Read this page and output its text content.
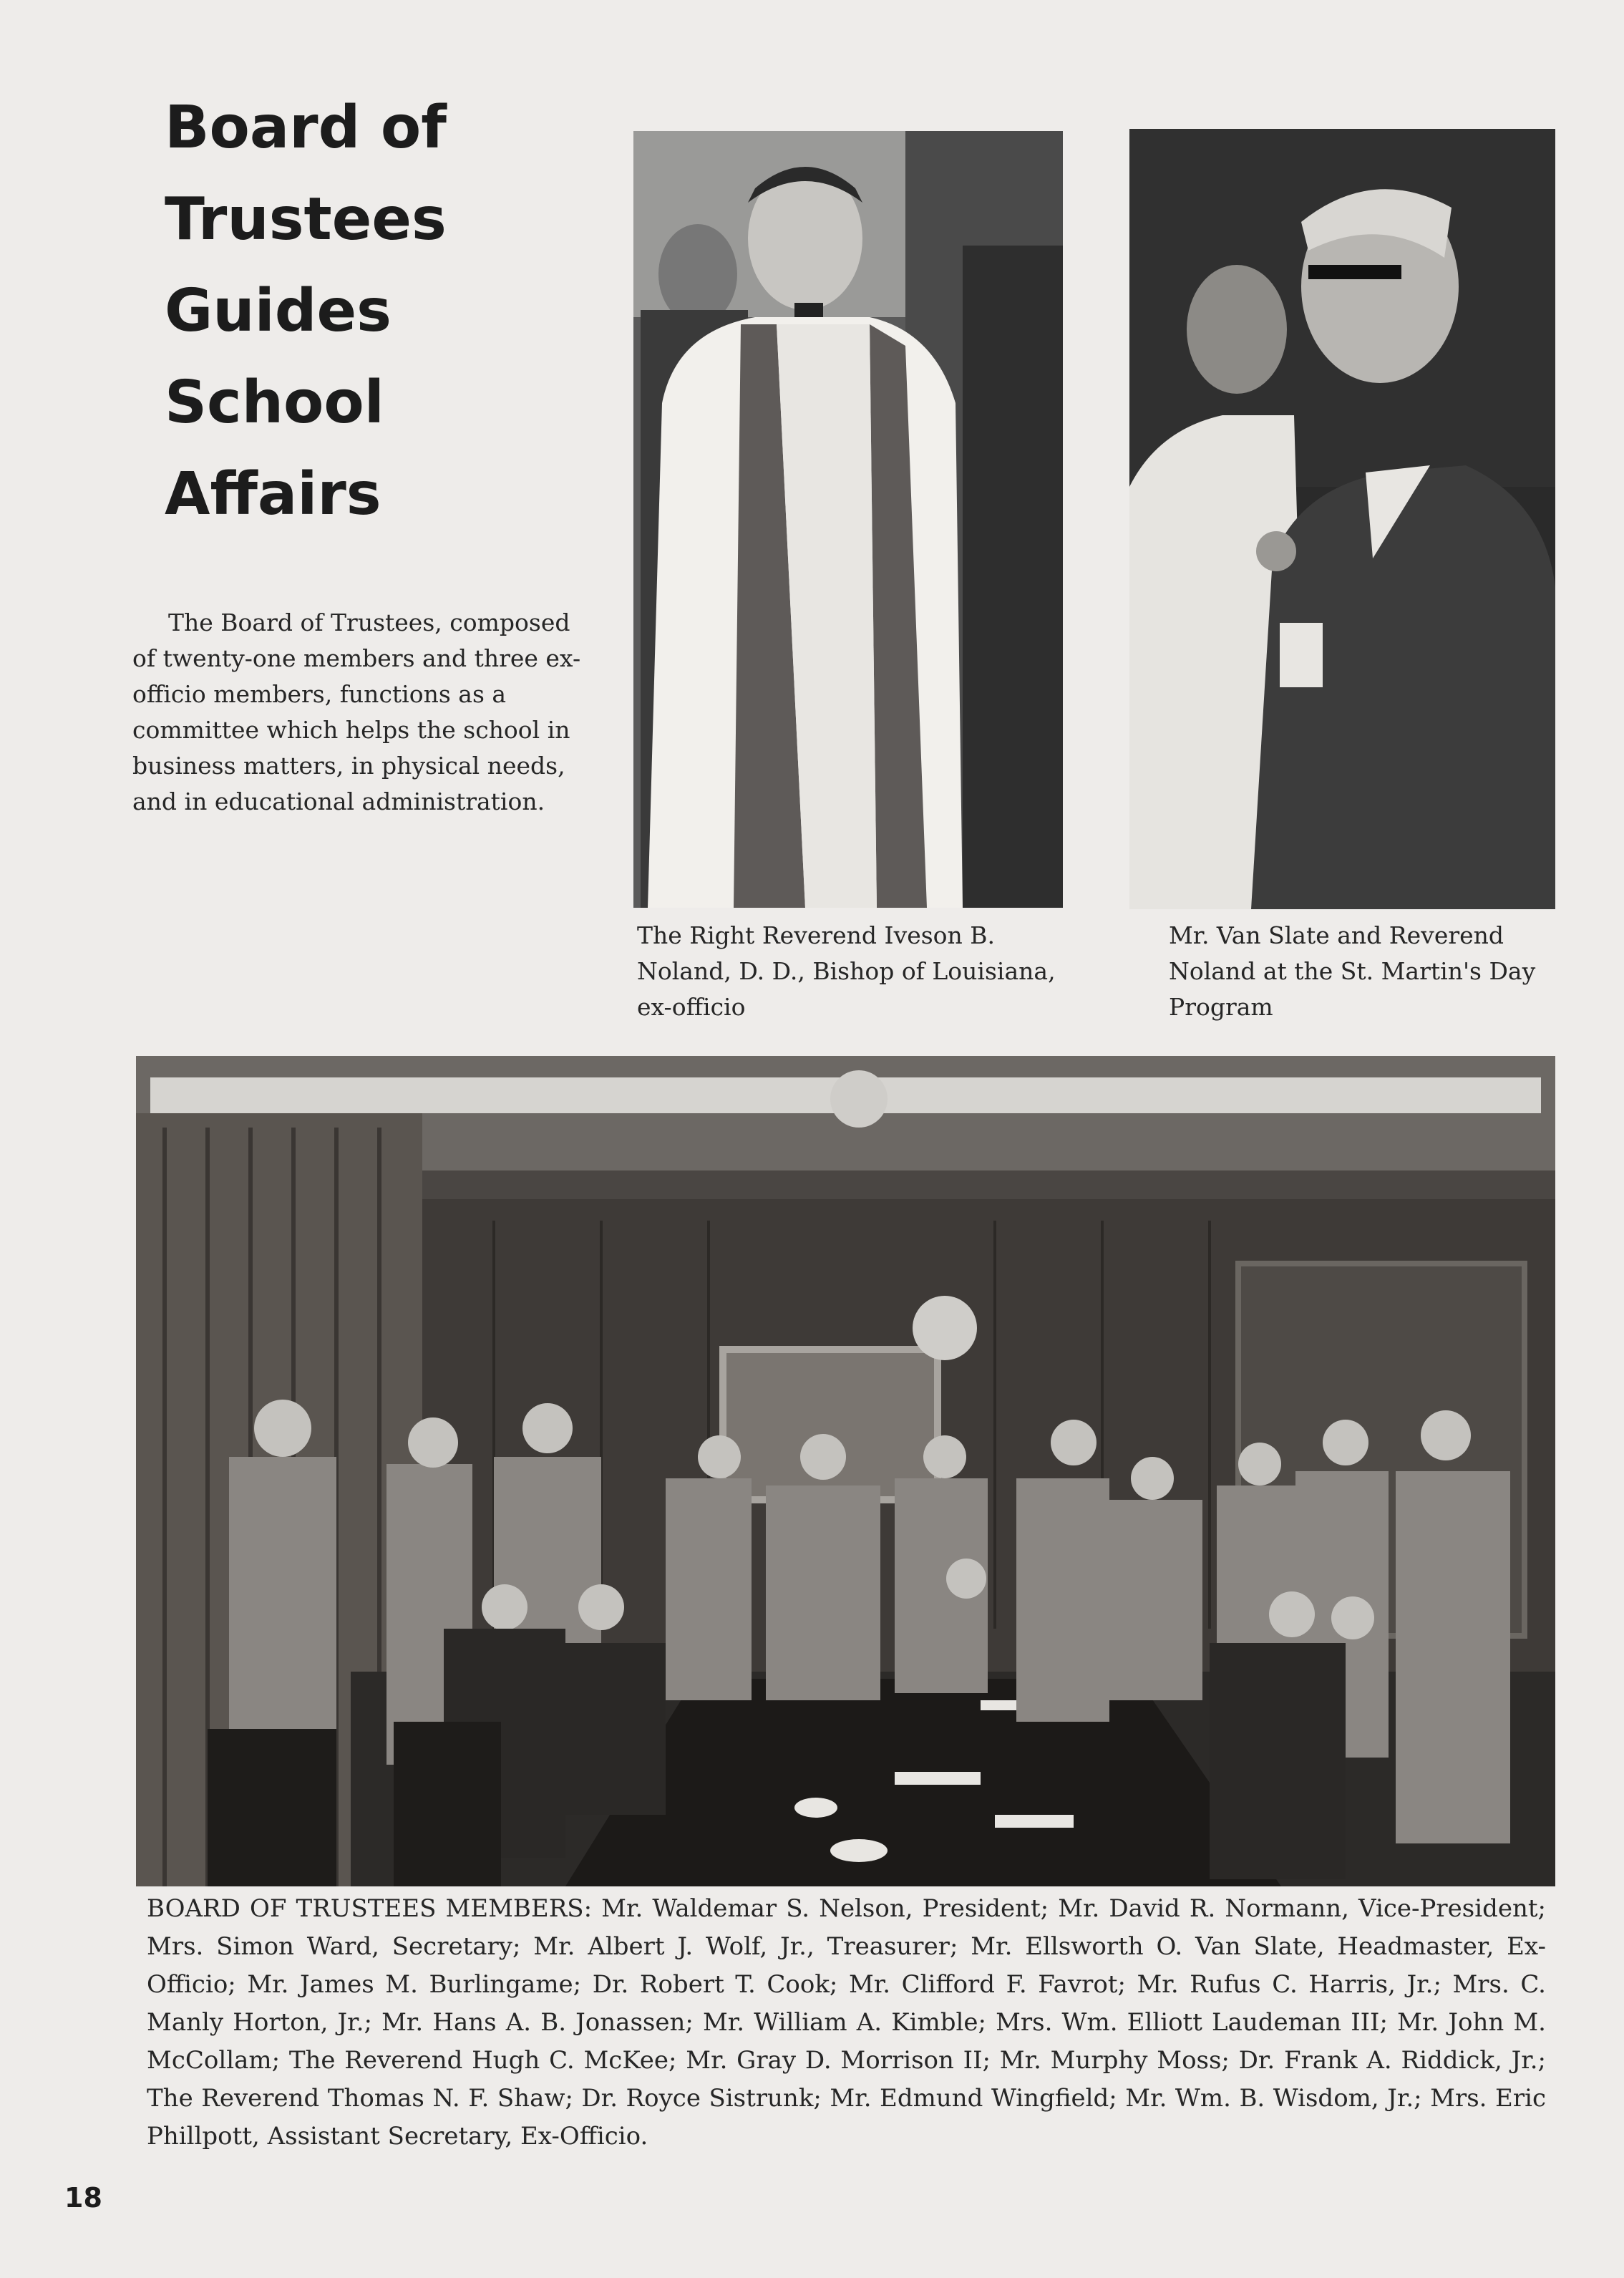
Board of
Trustees
Guides
School
Affairs

The Board of Trustees, composed of twenty-one members and three ex-officio members, functions as a committee which helps the school in business matters, in physical needs, and in educational administration.

The Right Reverend Iveson B. Noland, D. D., Bishop of Louisiana, ex-officio

Mr. Van Slate and Reverend Noland at the St. Martin's Day Program

BOARD OF TRUSTEES MEMBERS: Mr. Waldemar S. Nelson, President; Mr. David R. Normann, Vice-President; Mrs. Simon Ward, Secretary; Mr. Albert J. Wolf, Jr., Treasurer; Mr. Ellsworth O. Van Slate, Headmaster, Ex-Officio; Mr. James M. Burlingame; Dr. Robert T. Cook; Mr. Clifford F. Favrot; Mr. Rufus C. Harris, Jr.; Mrs. C. Manly Horton, Jr.; Mr. Hans A. B. Jonassen; Mr. William A. Kimble; Mrs. Wm. Elliott Laudeman III; Mr. John M. McCollam; The Reverend Hugh C. McKee; Mr. Gray D. Morrison II; Mr. Murphy Moss; Dr. Frank A. Riddick, Jr.; The Reverend Thomas N. F. Shaw; Dr. Royce Sistrunk; Mr. Edmund Wingfield; Mr. Wm. B. Wisdom, Jr.; Mrs. Eric Phillpott, Assistant Secretary, Ex-Officio.

18
